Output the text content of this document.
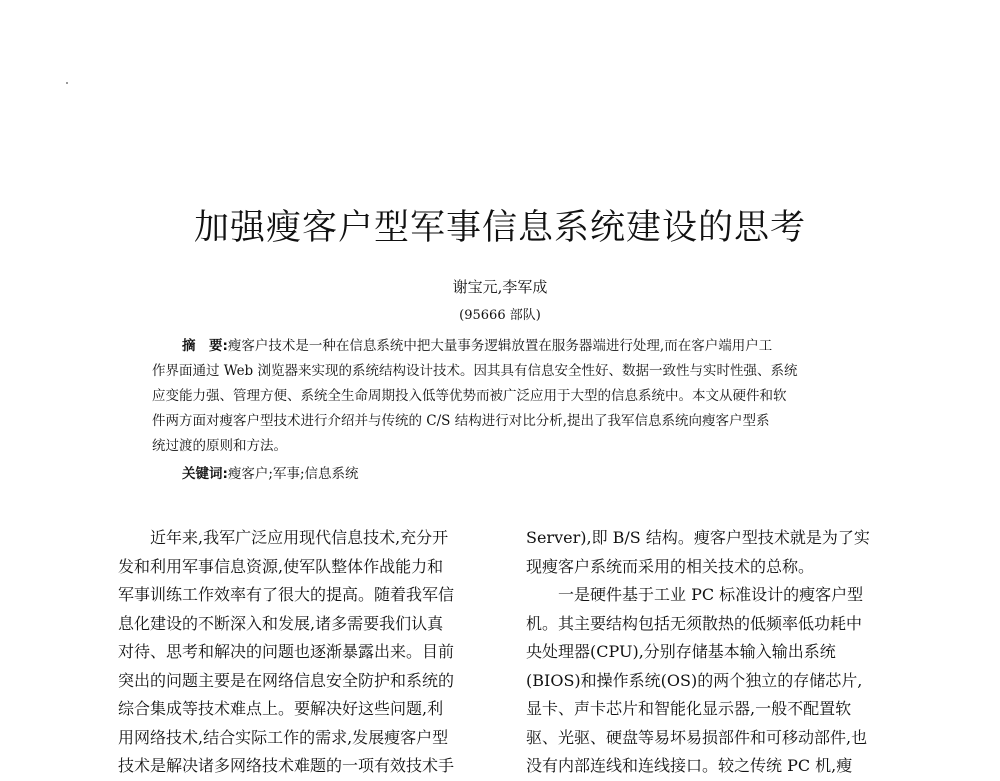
加强瘦客户型军事信息系统建设的思考
谢宝元,李军成
(95666 部队)
摘　要:瘦客户技术是一种在信息系统中把大量事务逻辑放置在服务器端进行处理,而在客户端用户工
作界面通过 Web 浏览器来实现的系统结构设计技术。因其具有信息安全性好、数据一致性与实时性强、系统
应变能力强、管理方便、系统全生命周期投入低等优势而被广泛应用于大型的信息系统中。本文从硬件和软
件两方面对瘦客户型技术进行介绍并与传统的 C/S 结构进行对比分析,提出了我军信息系统向瘦客户型系
统过渡的原则和方法。
关键词:瘦客户;军事;信息系统
近年来,我军广泛应用现代信息技术,充分开
发和利用军事信息资源,使军队整体作战能力和
军事训练工作效率有了很大的提高。随着我军信
息化建设的不断深入和发展,诸多需要我们认真
对待、思考和解决的问题也逐渐暴露出来。目前
突出的问题主要是在网络信息安全防护和系统的
综合集成等技术难点上。要解决好这些问题,利
用网络技术,结合实际工作的需求,发展瘦客户型
技术是解决诸多网络技术难题的一项有效技术手
Server),即 B/S 结构。瘦客户型技术就是为了实
现瘦客户系统而采用的相关技术的总称。
一是硬件基于工业 PC 标准设计的瘦客户型
机。其主要结构包括无须散热的低频率低功耗中
央处理器(CPU),分别存储基本输入输出系统
(BIOS)和操作系统(OS)的两个独立的存储芯片,
显卡、声卡芯片和智能化显示器,一般不配置软
驱、光驱、硬盘等易坏易损部件和可移动部件,也
没有内部连线和连线接口。较之传统 PC 机,瘦
